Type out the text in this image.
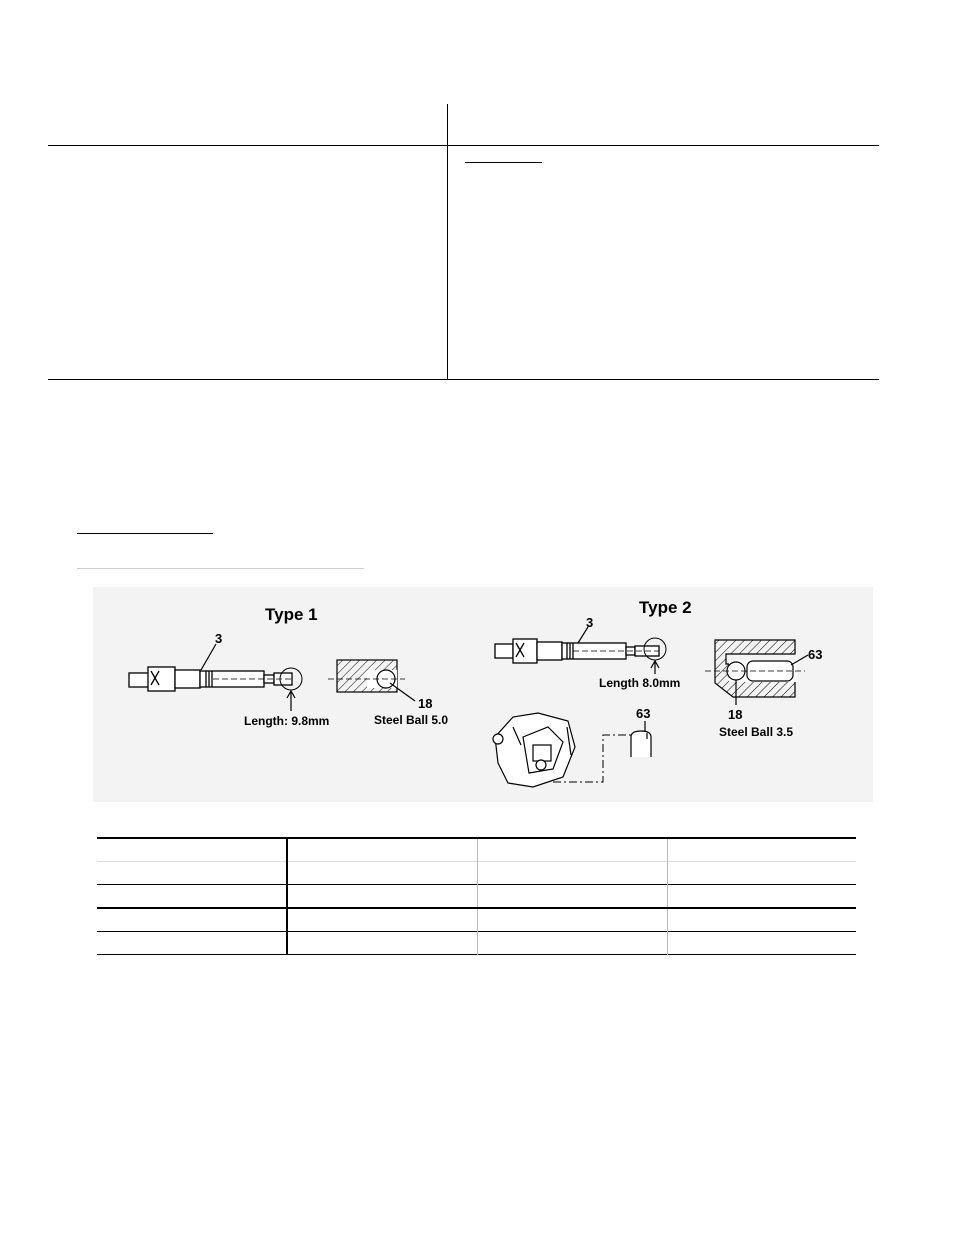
Type 1
3
Length: 9.8mm
18
Steel Ball 5.0
Type 2
3
Length 8.0mm
63
18
Steel Ball 3.5
63
